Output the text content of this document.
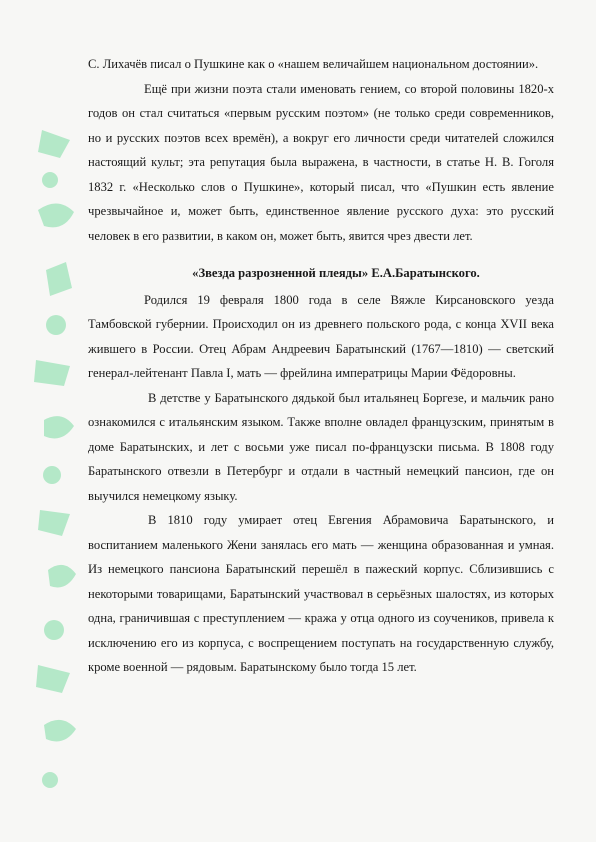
С. Лихачёв писал о Пушкине как о «нашем величайшем национальном достоянии».

Ещё при жизни поэта стали именовать гением, со второй половины 1820-х годов он стал считаться «первым русским поэтом» (не только среди современников, но и русских поэтов всех времён), а вокруг его личности среди читателей сложился настоящий культ; эта репутация была выражена, в частности, в статье Н. В. Гоголя 1832 г. «Несколько слов о Пушкине», который писал, что «Пушкин есть явление чрезвычайное и, может быть, единственное явление русского духа: это русский человек в его развитии, в каком он, может быть, явится чрез двести лет.

«Звезда разрозненной плеяды» Е.А.Баратынского.

Родился 19 февраля 1800 года в селе Вяжле Кирсановского уезда Тамбовской губернии. Происходил он из древнего польского рода, с конца XVII века жившего в России. Отец Абрам Андреевич Баратынский (1767—1810) — светский генерал-лейтенант Павла I, мать — фрейлина императрицы Марии Фёдоровны.

В детстве у Баратынского дядькой был итальянец Боргезе, и мальчик рано ознакомился с итальянским языком. Также вполне овладел французским, принятым в доме Баратынских, и лет с восьми уже писал по-французски письма. В 1808 году Баратынского отвезли в Петербург и отдали в частный немецкий пансион, где он выучился немецкому языку.

В 1810 году умирает отец Евгения Абрамовича Баратынского, и воспитанием маленького Жени занялась его мать — женщина образованная и умная. Из немецкого пансиона Баратынский перешёл в пажеский корпус. Сблизившись с некоторыми товарищами, Баратынский участвовал в серьёзных шалостях, из которых одна, граничившая с преступлением — кража у отца одного из соучеников, привела к исключению его из корпуса, с воспрещением поступать на государственную службу, кроме военной — рядовым. Баратынскому было тогда 15 лет.
